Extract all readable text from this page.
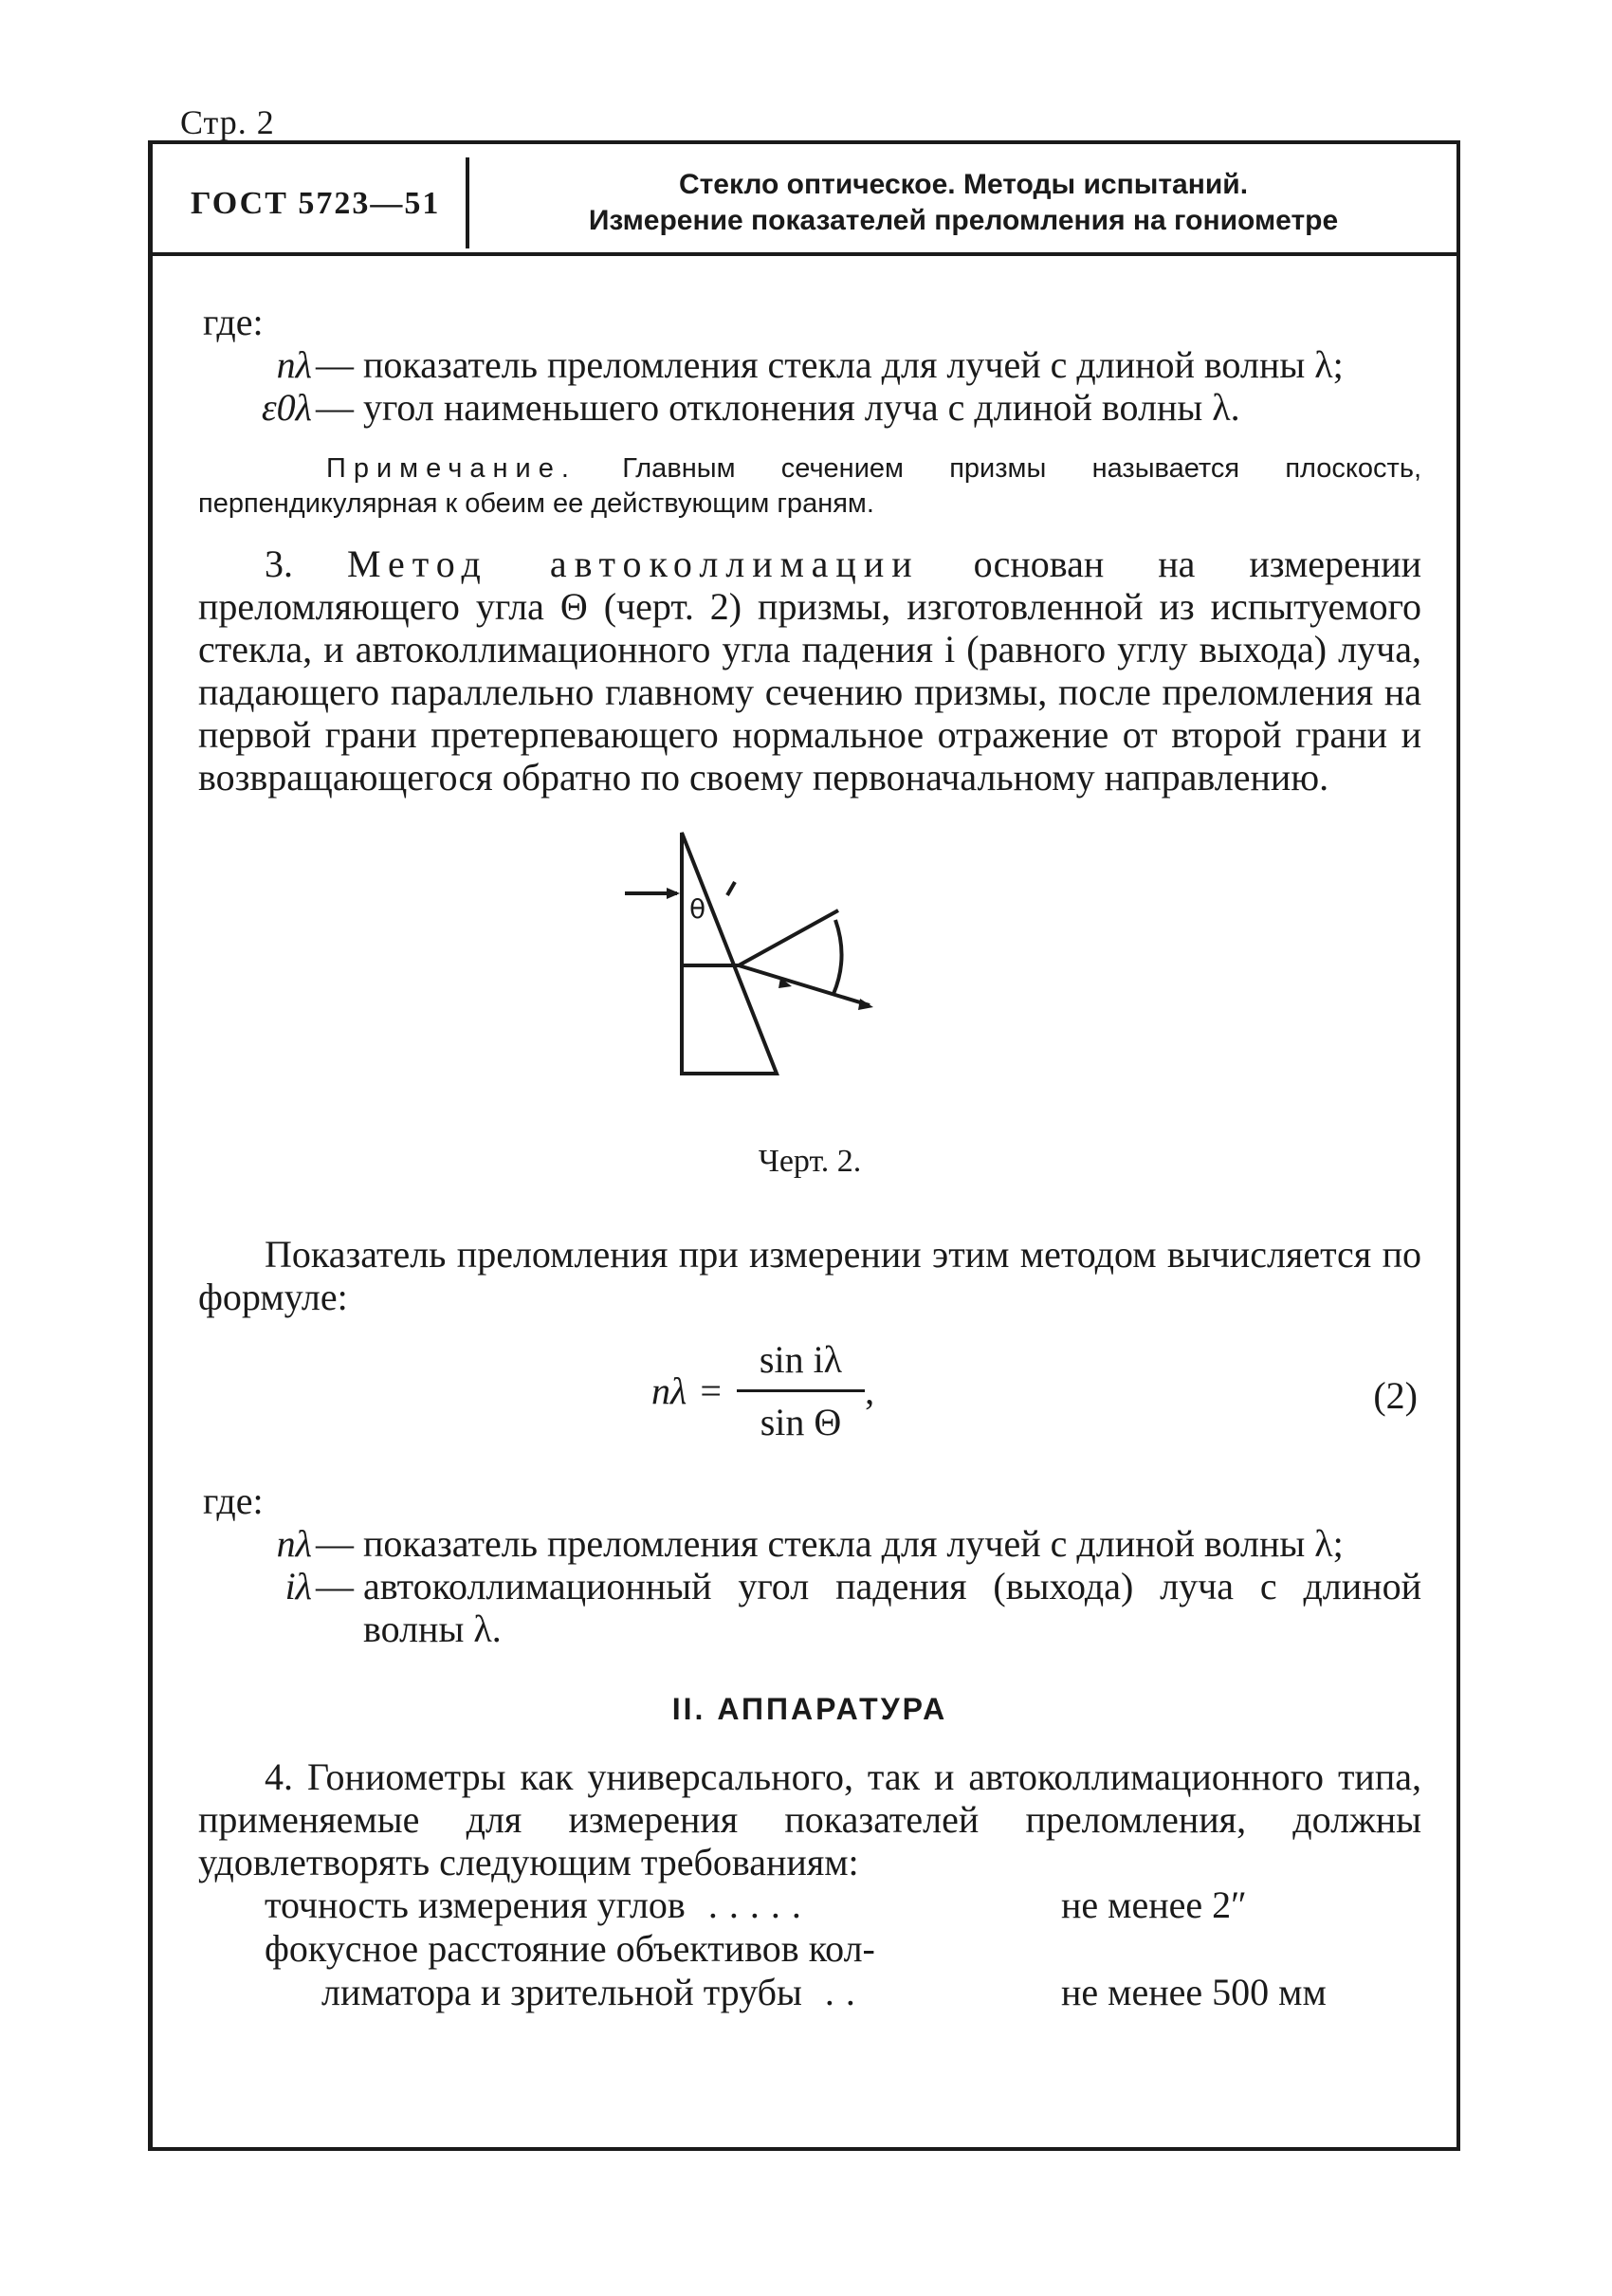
Стр. 2
ГОСТ 5723—51
Стекло оптическое. Методы испытаний.
Измерение показателей преломления на гониометре

где:

nλ — показатель преломления стекла для лучей с длиной волны λ;
ε0λ — угол наименьшего отклонения луча с длиной волны λ.

Примечание. Главным сечением призмы называется плоскость, перпендикулярная к обеим ее действующим граням.

3. Метод автоколлимации основан на измерении преломляющего угла Θ (черт. 2) призмы, изготовленной из испытуемого стекла, и автоколлимационного угла падения i (равного углу выхода) луча, падающего параллельно главному сечению призмы, после преломления на первой грани претерпевающего нормальное отражение от второй грани и возвращающегося обратно по своему первоначальному направлению.

θ
Черт. 2.

Показатель преломления при измерении этим методом вычисляется по формуле:

$n\lambda = \frac{\text{sin iλ}}{\text{sin Θ}}$ ,	(2)

где:

nλ — показатель преломления стекла для лучей с длиной волны λ;
iλ — автоколлимационный угол падения (выхода) луча с длиной волны λ.
II. АППАРАТУРА

4. Гониометры как универсального, так и автоколлимационного типа, применяемые для измерения показателей преломления, должны удовлетворять следующим требованиям:

точность измерения углов .....	не менее 2″
фокусное расстояние объективов кол-
лиматора и зрительной трубы ..	не менее 500 мм
